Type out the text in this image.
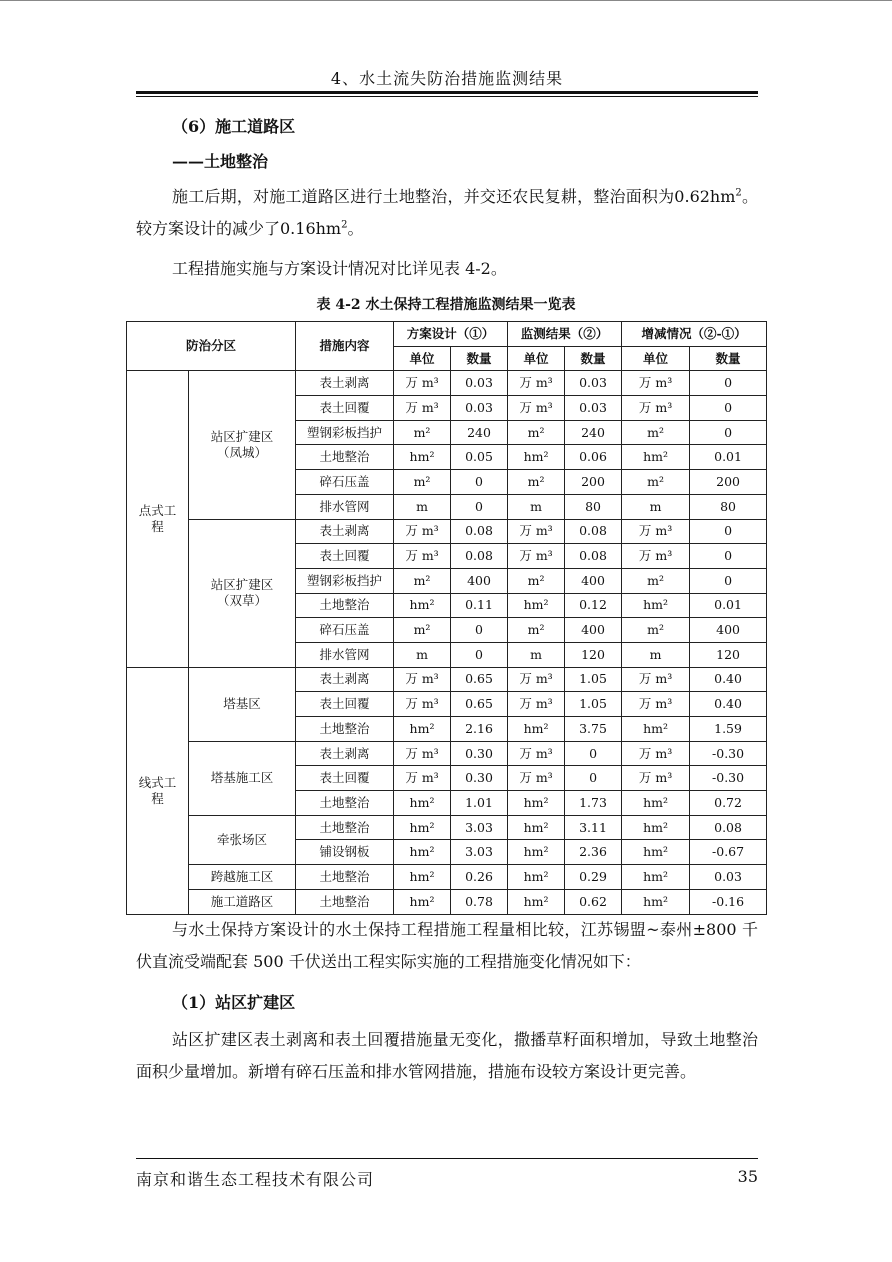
4、水土流失防治措施监测结果
（6）施工道路区
——土地整治
施工后期，对施工道路区进行土地整治，并交还农民复耕，整治面积为$0.62hm^2$。较方案设计的减少了$0.16hm^2$。
工程措施实施与方案设计情况对比详见表 4-2。
表 4-2 水土保持工程措施监测结果一览表
防治分区		措施内容	方案设计（①）		监测结果（②）		增减情况（②-①）	
			单位	数量	单位	数量	单位	数量
点式工程	站区扩建区（凤城）	表土剥离	万 m³	0.03	万 m³	0.03	万 m³	0
		表土回覆	万 m³	0.03	万 m³	0.03	万 m³	0
		塑钢彩板挡护	m²	240	m²	240	m²	0
		土地整治	hm²	0.05	hm²	0.06	hm²	0.01
		碎石压盖	m²	0	m²	200	m²	200
		排水管网	m	0	m	80	m	80
	站区扩建区（双草）	表土剥离	万 m³	0.08	万 m³	0.08	万 m³	0
		表土回覆	万 m³	0.08	万 m³	0.08	万 m³	0
		塑钢彩板挡护	m²	400	m²	400	m²	0
		土地整治	hm²	0.11	hm²	0.12	hm²	0.01
		碎石压盖	m²	0	m²	400	m²	400
		排水管网	m	0	m	120	m	120
线式工程	塔基区	表土剥离	万 m³	0.65	万 m³	1.05	万 m³	0.40
		表土回覆	万 m³	0.65	万 m³	1.05	万 m³	0.40
		土地整治	hm²	2.16	hm²	3.75	hm²	1.59
	塔基施工区	表土剥离	万 m³	0.30	万 m³	0	万 m³	-0.30
		表土回覆	万 m³	0.30	万 m³	0	万 m³	-0.30
		土地整治	hm²	1.01	hm²	1.73	hm²	0.72
	牵张场区	土地整治	hm²	3.03	hm²	3.11	hm²	0.08
		铺设钢板	hm²	3.03	hm²	2.36	hm²	-0.67
	跨越施工区	土地整治	hm²	0.26	hm²	0.29	hm²	0.03
	施工道路区	土地整治	hm²	0.78	hm²	0.62	hm²	-0.16
与水土保持方案设计的水土保持工程措施工程量相比较，江苏锡盟~泰州±800 千伏直流受端配套 500 千伏送出工程实际实施的工程措施变化情况如下：
（1）站区扩建区
站区扩建区表土剥离和表土回覆措施量无变化，撒播草籽面积增加，导致土地整治面积少量增加。新增有碎石压盖和排水管网措施，措施布设较方案设计更完善。
南京和谐生态工程技术有限公司	35
